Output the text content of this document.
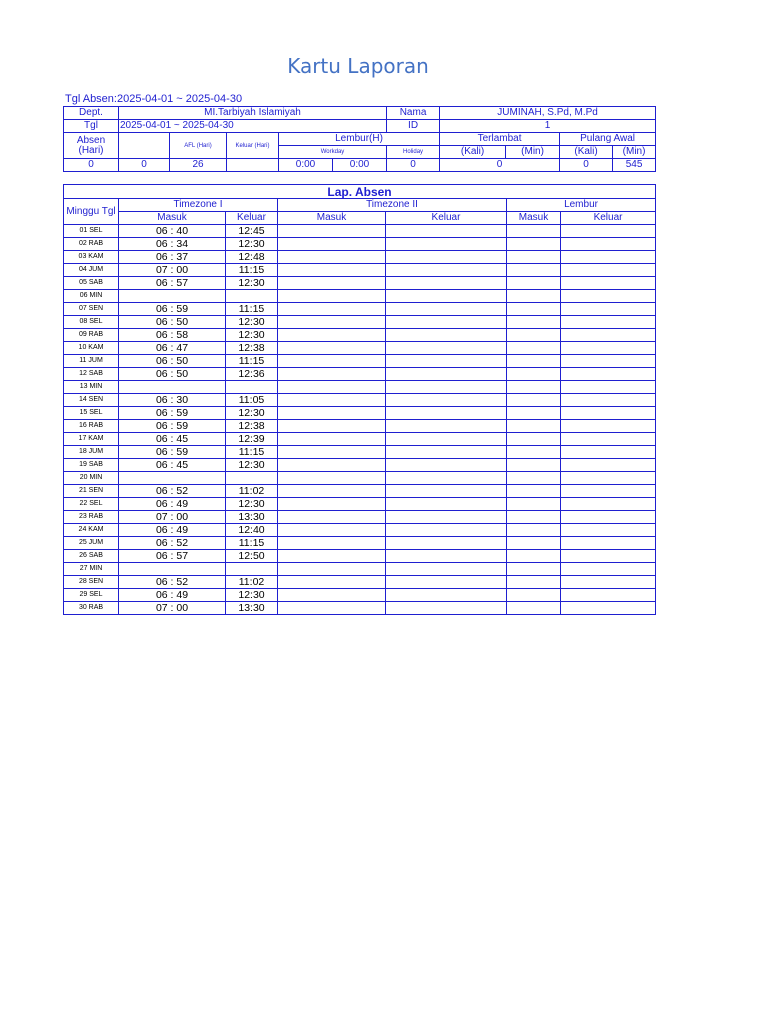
Kartu Laporan
Tgl Absen:2025-04-01 ~ 2025-04-30
Dept.	MI.Tarbiyah Islamiyah					Nama	JUMINAH, S.Pd, M.Pd			
Tgl	2025-04-01 ~ 2025-04-30					ID	1			
Absen
(Hari)		AFL (Hari)	Keluar (Hari)	Lembur(H)			Terlambat		Pulang Awal	
				Workday		Holiday	(Kali)	(Min)	(Kali)	(Min)
0	0	26		0:00	0:00	0	0		0	545
Lap. Absen						
Minggu Tgl	Timezone I		Timezone II		Lembur	
	Masuk	Keluar	Masuk	Keluar	Masuk	Keluar
01 SEL	06 : 40	12:45				
02 RAB	06 : 34	12:30				
03 KAM	06 : 37	12:48				
04 JUM	07 : 00	11:15				
05 SAB	06 : 57	12:30				
06 MIN						
07 SEN	06 : 59	11:15				
08 SEL	06 : 50	12:30				
09 RAB	06 : 58	12:30				
10 KAM	06 : 47	12:38				
11 JUM	06 : 50	11:15				
12 SAB	06 : 50	12:36				
13 MIN						
14 SEN	06 : 30	11:05				
15 SEL	06 : 59	12:30				
16 RAB	06 : 59	12:38				
17 KAM	06 : 45	12:39				
18 JUM	06 : 59	11:15				
19 SAB	06 : 45	12:30				
20 MIN						
21 SEN	06 : 52	11:02				
22 SEL	06 : 49	12:30				
23 RAB	07 : 00	13:30				
24 KAM	06 : 49	12:40				
25 JUM	06 : 52	11:15				
26 SAB	06 : 57	12:50				
27 MIN						
28 SEN	06 : 52	11:02				
29 SEL	06 : 49	12:30				
30 RAB	07 : 00	13:30				
